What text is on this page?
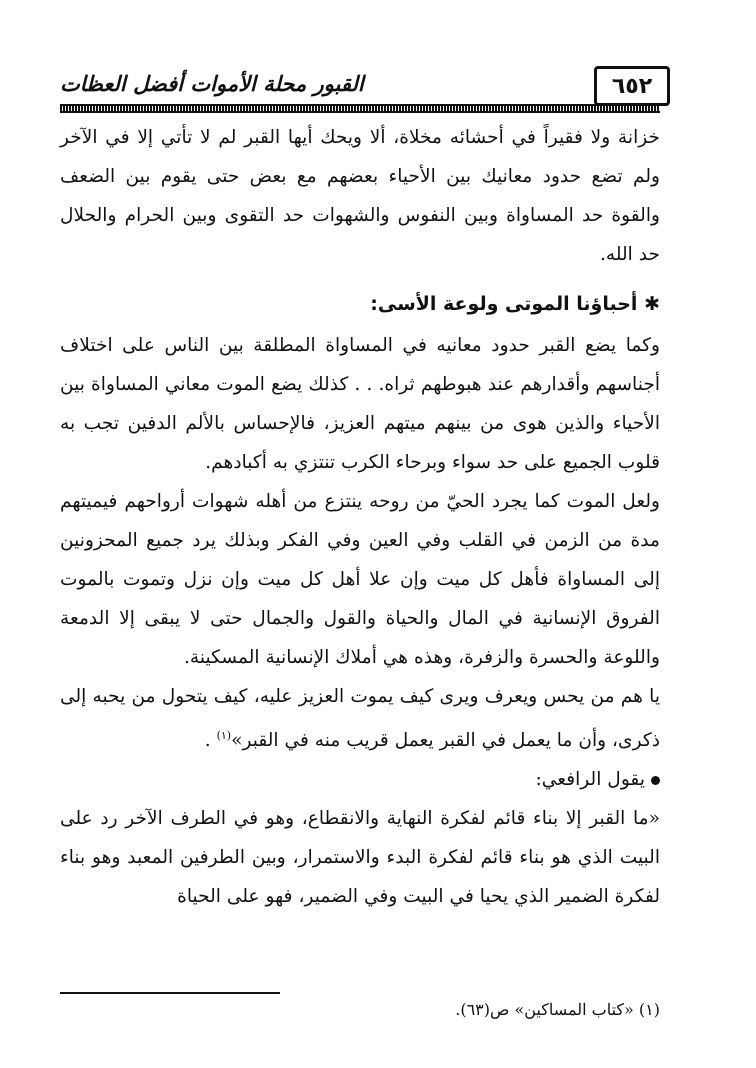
٦٥٢
القبور محلة الأموات أفضل العظات

خزانة ولا فقيراً في أحشائه مخلاة، ألا ويحك أيها القبر لم لا تأتي إلا في الآخر ولم تضع حدود معانيك بين الأحياء بعضهم مع بعض حتى يقوم بين الضعف والقوة حد المساواة وبين النفوس والشهوات حد التقوى وبين الحرام والحلال حد الله.

✱ أحباؤنا الموتى ولوعة الأسى:

وكما يضع القبر حدود معانيه في المساواة المطلقة بين الناس على اختلاف أجناسهم وأقدارهم عند هبوطهم ثراه. . . كذلك يضع الموت معاني المساواة بين الأحياء والذين هوى من بينهم ميتهم العزيز، فالإحساس بالألم الدفين تجب به قلوب الجميع على حد سواء وبرحاء الكرب تنتزي به أكبادهم.

ولعل الموت كما يجرد الحيّ من روحه ينتزع من أهله شهوات أرواحهم فيميتهم مدة من الزمن في القلب وفي العين وفي الفكر وبذلك يرد جميع المحزونين إلى المساواة فأهل كل ميت وإن علا أهل كل ميت وإن نزل وتموت بالموت الفروق الإنسانية في المال والحياة والقول والجمال حتى لا يبقى إلا الدمعة واللوعة والحسرة والزفرة، وهذه هي أملاك الإنسانية المسكينة.

يا هم من يحس ويعرف ويرى كيف يموت العزيز عليه، كيف يتحول من يحبه إلى ذكرى، وأن ما يعمل في القبر يعمل قريب منه في القبر»$^{(١)}$ .

يقول الرافعي:

«ما القبر إلا بناء قائم لفكرة النهاية والانقطاع، وهو في الطرف الآخر رد على البيت الذي هو بناء قائم لفكرة البدء والاستمرار، وبين الطرفين المعبد وهو بناء لفكرة الضمير الذي يحيا في البيت وفي الضمير، فهو على الحياة

(١) «كتاب المساكين» ص(٦٣).
